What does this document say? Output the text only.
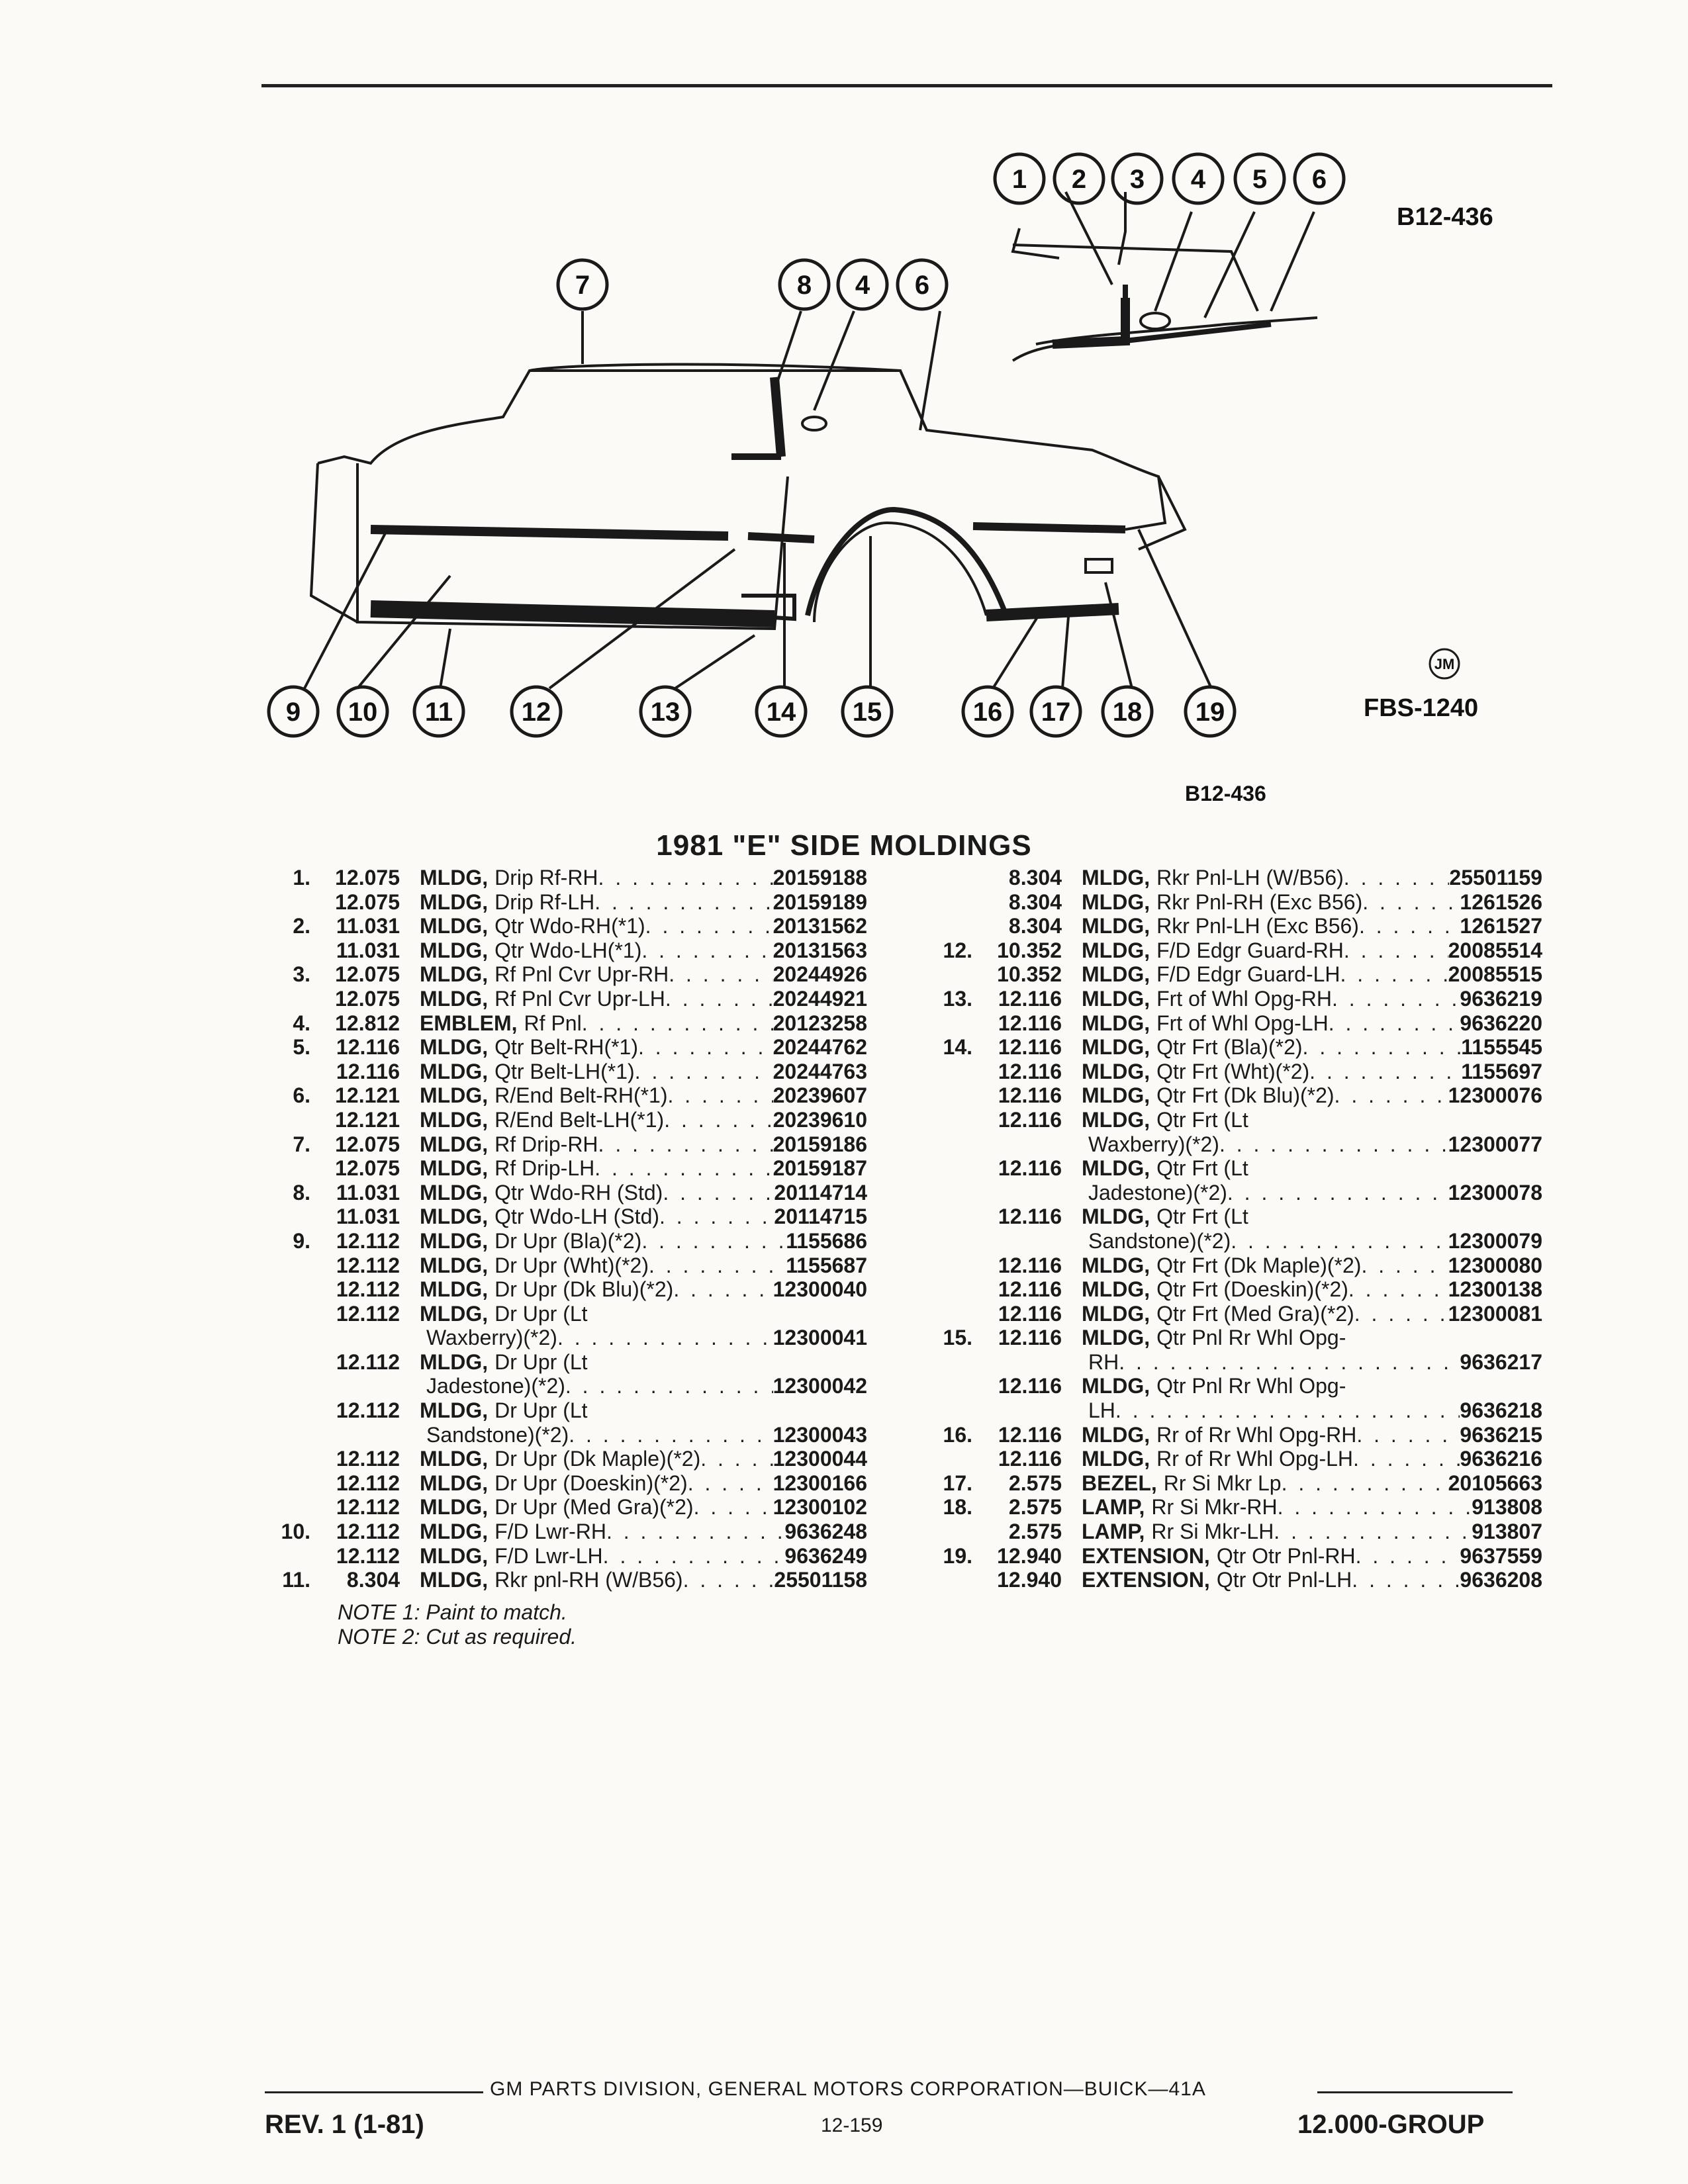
1 2 3 4 5 6
7	8 4 6
9 10 11	12	13	14 15	16 17 18 19
JM
B12-436
FBS-1240
B12-436
1981 "E" SIDE MOLDINGS
1.	12.075 MLDG, Drip Rf-RH . . .	20159188
12.075 MLDG, Drip Rf-LH . . .	20159189
2.	11.031 MLDG, Qtr Wdo-RH(*1) . . .	20131562
11.031 MLDG, Qtr Wdo-LH(*1) . . .	20131563
3.	12.075 MLDG, Rf Pnl Cvr Upr-RH . . .	20244926
12.075 MLDG, Rf Pnl Cvr Upr-LH . . .	20244921
4.	12.812 EMBLEM, Rf Pnl . . .	20123258
5.	12.116 MLDG, Qtr Belt-RH(*1) . . .	20244762
12.116 MLDG, Qtr Belt-LH(*1) . . .	20244763
6.	12.121 MLDG, R/End Belt-RH(*1) . . .	20239607
12.121 MLDG, R/End Belt-LH(*1) . . .	20239610
7.	12.075 MLDG, Rf Drip-RH . . .	20159186
12.075 MLDG, Rf Drip-LH . . .	20159187
8.	11.031 MLDG, Qtr Wdo-RH (Std) . . .	20114714
11.031 MLDG, Qtr Wdo-LH (Std) . . .	20114715
9.	12.112 MLDG, Dr Upr (Bla)(*2) . . .	1155686
12.112 MLDG, Dr Upr (Wht)(*2) . . .	1155687
12.112 MLDG, Dr Upr (Dk Blu)(*2) . . .	12300040
12.112 MLDG, Dr Upr (Lt
Waxberry)(*2) . . .	12300041
12.112 MLDG, Dr Upr (Lt
Jadestone)(*2) . . .	12300042
12.112 MLDG, Dr Upr (Lt
Sandstone)(*2) . . .	12300043
12.112 MLDG, Dr Upr (Dk Maple)(*2) . . .	12300044
12.112 MLDG, Dr Upr (Doeskin)(*2) . . .	12300166
12.112 MLDG, Dr Upr (Med Gra)(*2) . . .	12300102
10.	12.112 MLDG, F/D Lwr-RH . . .	9636248
12.112 MLDG, F/D Lwr-LH . . .	9636249
11.	8.304 MLDG, Rkr pnl-RH (W/B56) . . .	25501158
NOTE 1: Paint to match.
NOTE 2: Cut as required.
8.304 MLDG, Rkr Pnl-LH (W/B56) . . .	25501159
8.304 MLDG, Rkr Pnl-RH (Exc B56) . . .	1261526
8.304 MLDG, Rkr Pnl-LH (Exc B56) . . .	1261527
12.	10.352 MLDG, F/D Edgr Guard-RH . . .	20085514
10.352 MLDG, F/D Edgr Guard-LH . . .	20085515
13.	12.116 MLDG, Frt of Whl Opg-RH . . .	9636219
12.116 MLDG, Frt of Whl Opg-LH . . .	9636220
14.	12.116 MLDG, Qtr Frt (Bla)(*2) . . .	1155545
12.116 MLDG, Qtr Frt (Wht)(*2) . . .	1155697
12.116 MLDG, Qtr Frt (Dk Blu)(*2) . . .	12300076
12.116 MLDG, Qtr Frt (Lt
Waxberry)(*2) . . .	12300077
12.116 MLDG, Qtr Frt (Lt
Jadestone)(*2) . . .	12300078
12.116 MLDG, Qtr Frt (Lt
Sandstone)(*2) . . .	12300079
12.116 MLDG, Qtr Frt (Dk Maple)(*2) . . .	12300080
12.116 MLDG, Qtr Frt (Doeskin)(*2) . . .	12300138
12.116 MLDG, Qtr Frt (Med Gra)(*2) . . .	12300081
15.	12.116 MLDG, Qtr Pnl Rr Whl Opg-
RH . . .	9636217
12.116 MLDG, Qtr Pnl Rr Whl Opg-
LH . . .	9636218
16.	12.116 MLDG, Rr of Rr Whl Opg-RH . . .	9636215
12.116 MLDG, Rr of Rr Whl Opg-LH . . .	9636216
17.	2.575 BEZEL, Rr Si Mkr Lp . . .	20105663
18.	2.575 LAMP, Rr Si Mkr-RH . . .	913808
2.575 LAMP, Rr Si Mkr-LH . . .	913807
19.	12.940 EXTENSION, Qtr Otr Pnl-RH . . .	9637559
12.940 EXTENSION, Qtr Otr Pnl-LH . . .	9636208
GM PARTS DIVISION, GENERAL MOTORS CORPORATION—BUICK—41A
REV. 1 (1-81)	12-159	12.000-GROUP
